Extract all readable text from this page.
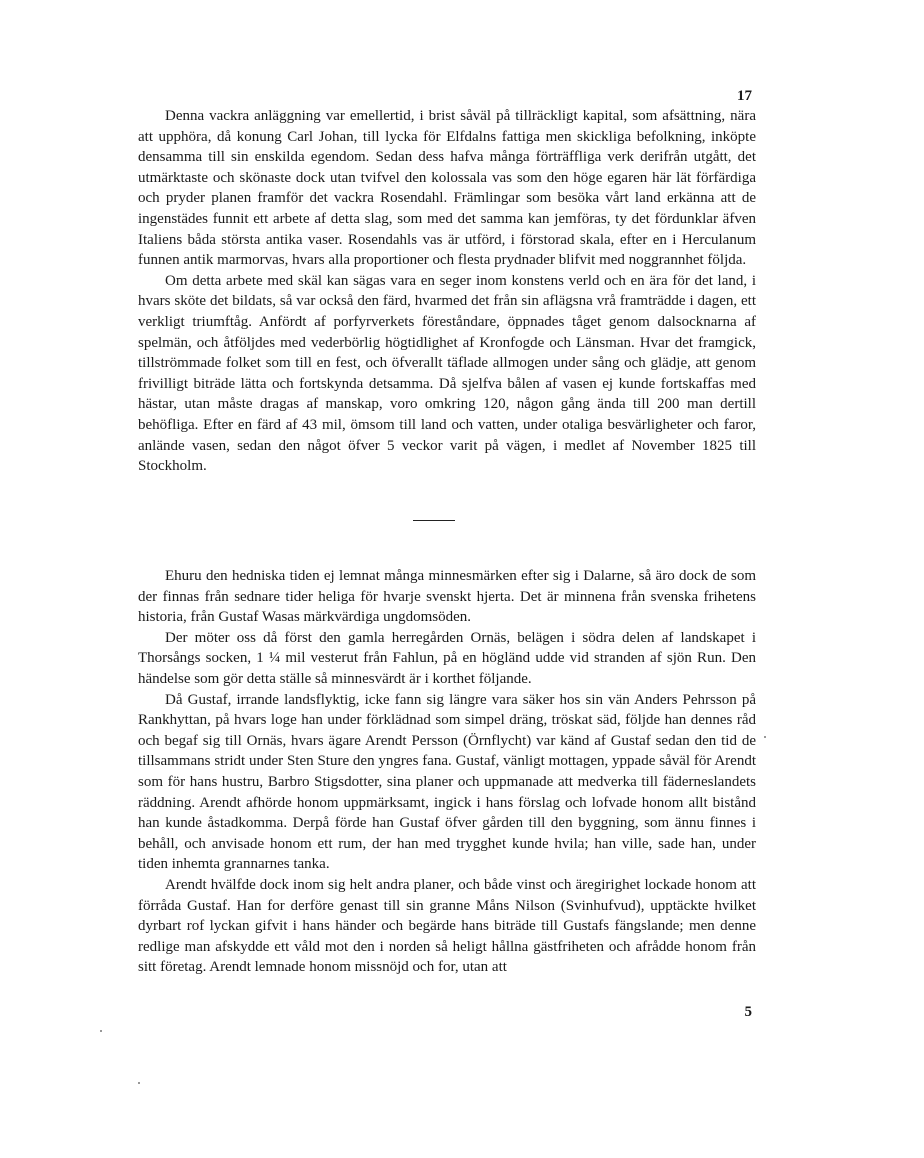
17

Denna vackra anläggning var emellertid, i brist såväl på tillräckligt kapital, som afsättning, nära att upphöra, då konung Carl Johan, till lycka för Elfdalns fattiga men skickliga befolkning, inköpte densamma till sin enskilda egendom. Sedan dess hafva många förträffliga verk derifrån utgått, det utmärktaste och skönaste dock utan tvifvel den kolossala vas som den höge egaren här lät förfärdiga och pryder planen framför det vackra Rosendahl. Främlingar som besöka vårt land erkänna att de ingenstädes funnit ett arbete af detta slag, som med det samma kan jemföras, ty det fördunklar äfven Italiens båda största antika vaser. Rosendahls vas är utförd, i förstorad skala, efter en i Herculanum funnen antik marmorvas, hvars alla proportioner och flesta prydnader blifvit med noggrannhet följda.

Om detta arbete med skäl kan sägas vara en seger inom konstens verld och en ära för det land, i hvars sköte det bildats, så var också den färd, hvarmed det från sin aflägsna vrå framträdde i dagen, ett verkligt triumftåg. Anfördt af porfyrverkets föreståndare, öppnades tåget genom dalsocknarna af spelmän, och åtföljdes med vederbörlig högtidlighet af Kronfogde och Länsman. Hvar det framgick, tillströmmade folket som till en fest, och öfverallt täflade allmogen under sång och glädje, att genom frivilligt biträde lätta och fortskynda detsamma. Då sjelfva bålen af vasen ej kunde fortskaffas med hästar, utan måste dragas af manskap, voro omkring 120, någon gång ända till 200 man dertill behöfliga. Efter en färd af 43 mil, ömsom till land och vatten, under otaliga besvärligheter och faror, anlände vasen, sedan den något öfver 5 veckor varit på vägen, i medlet af November 1825 till Stockholm.

Ehuru den hedniska tiden ej lemnat många minnesmärken efter sig i Dalarne, så äro dock de som der finnas från sednare tider heliga för hvarje svenskt hjerta. Det är minnena från svenska frihetens historia, från Gustaf Wasas märkvärdiga ungdomsöden.

Der möter oss då först den gamla herregården Ornäs, belägen i södra delen af landskapet i Thorsångs socken, 1 ¼ mil vesterut från Fahlun, på en högländ udde vid stranden af sjön Run. Den händelse som gör detta ställe så minnesvärdt är i korthet följande.

Då Gustaf, irrande landsflyktig, icke fann sig längre vara säker hos sin vän Anders Pehrsson på Rankhyttan, på hvars loge han under förklädnad som simpel dräng, tröskat säd, följde han dennes råd och begaf sig till Ornäs, hvars ägare Arendt Persson (Örnflycht) var känd af Gustaf sedan den tid de tillsammans stridt under Sten Sture den yngres fana. Gustaf, vänligt mottagen, yppade såväl för Arendt som för hans hustru, Barbro Stigsdotter, sina planer och uppmanade att medverka till fäderneslandets räddning. Arendt afhörde honom uppmärksamt, ingick i hans förslag och lofvade honom allt bistånd han kunde åstadkomma. Derpå förde han Gustaf öfver gården till den byggning, som ännu finnes i behåll, och anvisade honom ett rum, der han med trygghet kunde hvila; han ville, sade han, under tiden inhemta grannarnes tanka.

Arendt hvälfde dock inom sig helt andra planer, och både vinst och äregirighet lockade honom att förråda Gustaf. Han for derföre genast till sin granne Måns Nilson (Svinhufvud), upptäckte hvilket dyrbart rof lyckan gifvit i hans händer och begärde hans biträde till Gustafs fängslande; men denne redlige man afskydde ett våld mot den i norden så heligt hållna gästfriheten och afrådde honom från sitt företag. Arendt lemnade honom missnöjd och for, utan att

5
